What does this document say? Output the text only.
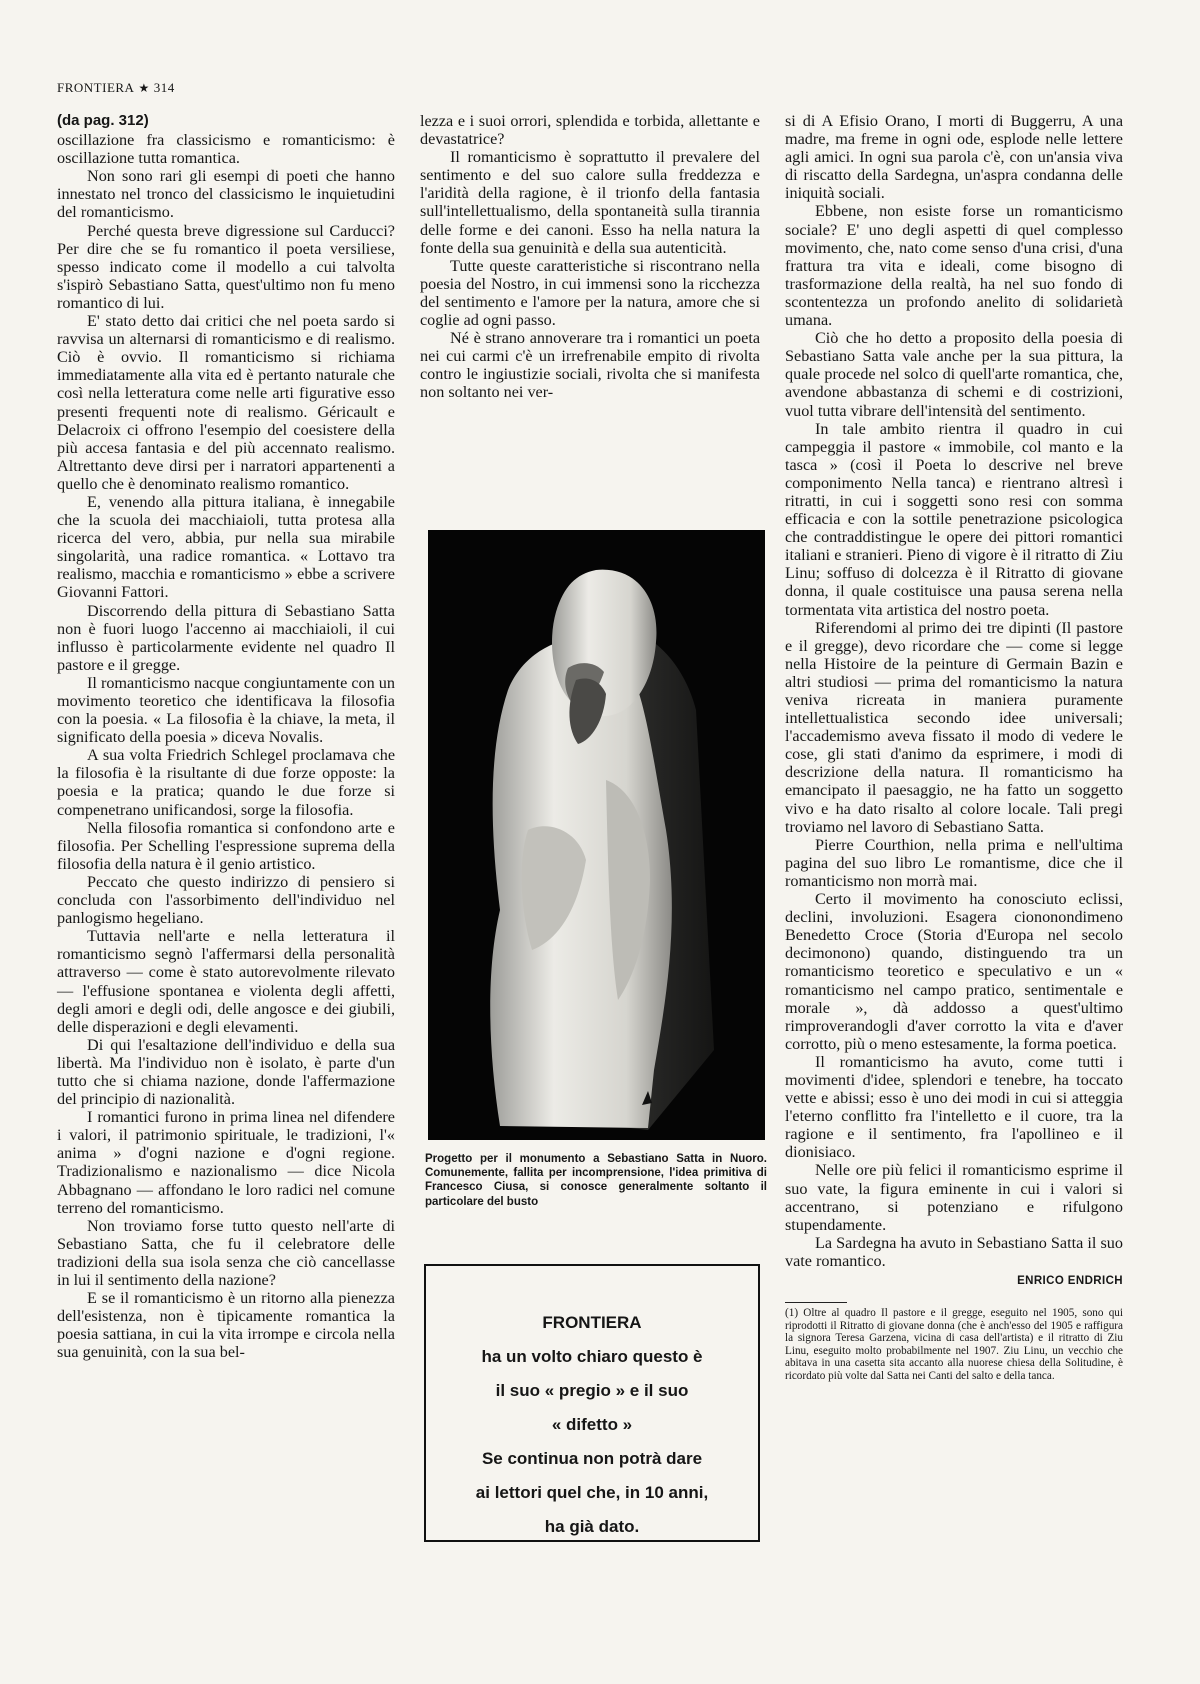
FRONTIERA ★ 314
(da pag. 312)

oscillazione fra classicismo e romanticismo: è oscillazione tutta romantica.

Non sono rari gli esempi di poeti che hanno innestato nel tronco del classicismo le inquietudini del romanticismo.

Perché questa breve digressione sul Carducci? Per dire che se fu romantico il poeta versiliese, spesso indicato come il modello a cui talvolta s'ispirò Sebastiano Satta, quest'ultimo non fu meno romantico di lui.

E' stato detto dai critici che nel poeta sardo si ravvisa un alternarsi di romanticismo e di realismo. Ciò è ovvio. Il romanticismo si richiama immediatamente alla vita ed è pertanto naturale che così nella letteratura come nelle arti figurative esso presenti frequenti note di realismo. Géricault e Delacroix ci offrono l'esempio del coesistere della più accesa fantasia e del più accennato realismo. Altrettanto deve dirsi per i narratori appartenenti a quello che è denominato realismo romantico.

E, venendo alla pittura italiana, è innegabile che la scuola dei macchiaioli, tutta protesa alla ricerca del vero, abbia, pur nella sua mirabile singolarità, una radice romantica. « Lottavo tra realismo, macchia e romanticismo » ebbe a scrivere Giovanni Fattori.

Discorrendo della pittura di Sebastiano Satta non è fuori luogo l'accenno ai macchiaioli, il cui influsso è particolarmente evidente nel quadro Il pastore e il gregge.

Il romanticismo nacque congiuntamente con un movimento teoretico che identificava la filosofia con la poesia. « La filosofia è la chiave, la meta, il significato della poesia » diceva Novalis.

A sua volta Friedrich Schlegel proclamava che la filosofia è la risultante di due forze opposte: la poesia e la pratica; quando le due forze si compenetrano unificandosi, sorge la filosofia.

Nella filosofia romantica si confondono arte e filosofia. Per Schelling l'espressione suprema della filosofia della natura è il genio artistico.

Peccato che questo indirizzo di pensiero si concluda con l'assorbimento dell'individuo nel panlogismo hegeliano.

Tuttavia nell'arte e nella letteratura il romanticismo segnò l'affermarsi della personalità attraverso — come è stato autorevolmente rilevato — l'effusione spontanea e violenta degli affetti, degli amori e degli odi, delle angosce e dei giubili, delle disperazioni e degli elevamenti.

Di qui l'esaltazione dell'individuo e della sua libertà. Ma l'individuo non è isolato, è parte d'un tutto che si chiama nazione, donde l'affermazione del principio di nazionalità.

I romantici furono in prima linea nel difendere i valori, il patrimonio spirituale, le tradizioni, l'« anima » d'ogni nazione e d'ogni regione. Tradizionalismo e nazionalismo — dice Nicola Abbagnano — affondano le loro radici nel comune terreno del romanticismo.

Non troviamo forse tutto questo nell'arte di Sebastiano Satta, che fu il celebratore delle tradizioni della sua isola senza che ciò cancellasse in lui il sentimento della nazione?

E se il romanticismo è un ritorno alla pienezza dell'esistenza, non è tipicamente romantica la poesia sattiana, in cui la vita irrompe e circola nella sua genuinità, con la sua bel-

lezza e i suoi orrori, splendida e torbida, allettante e devastatrice?

Il romanticismo è soprattutto il prevalere del sentimento e del suo calore sulla freddezza e l'aridità della ragione, è il trionfo della fantasia sull'intellettualismo, della spontaneità sulla tirannia delle forme e dei canoni. Esso ha nella natura la fonte della sua genuinità e della sua autenticità.

Tutte queste caratteristiche si riscontrano nella poesia del Nostro, in cui immensi sono la ricchezza del sentimento e l'amore per la natura, amore che si coglie ad ogni passo.

Né è strano annoverare tra i romantici un poeta nei cui carmi c'è un irrefrenabile empito di rivolta contro le ingiustizie sociali, rivolta che si manifesta non soltanto nei ver-

Progetto per il monumento a Sebastiano Satta in Nuoro. Comunemente, fallita per incomprensione, l'idea primitiva di Francesco Ciusa, si conosce generalmente soltanto il particolare del busto
FRONTIERA
ha un volto chiaro questo è
il suo « pregio » e il suo
« difetto »
Se continua non potrà dare
ai lettori quel che, in 10 anni,
ha già dato.

si di A Efisio Orano, I morti di Buggerru, A una madre, ma freme in ogni ode, esplode nelle lettere agli amici. In ogni sua parola c'è, con un'ansia viva di riscatto della Sardegna, un'aspra condanna delle iniquità sociali.

Ebbene, non esiste forse un romanticismo sociale? E' uno degli aspetti di quel complesso movimento, che, nato come senso d'una crisi, d'una frattura tra vita e ideali, come bisogno di trasformazione della realtà, ha nel suo fondo di scontentezza un profondo anelito di solidarietà umana.

Ciò che ho detto a proposito della poesia di Sebastiano Satta vale anche per la sua pittura, la quale procede nel solco di quell'arte romantica, che, avendone abbastanza di schemi e di costrizioni, vuol tutta vibrare dell'intensità del sentimento.

In tale ambito rientra il quadro in cui campeggia il pastore « immobile, col manto e la tasca » (così il Poeta lo descrive nel breve componimento Nella tanca) e rientrano altresì i ritratti, in cui i soggetti sono resi con somma efficacia e con la sottile penetrazione psicologica che contraddistingue le opere dei pittori romantici italiani e stranieri. Pieno di vigore è il ritratto di Ziu Linu; soffuso di dolcezza è il Ritratto di giovane donna, il quale costituisce una pausa serena nella tormentata vita artistica del nostro poeta.

Riferendomi al primo dei tre dipinti (Il pastore e il gregge), devo ricordare che — come si legge nella Histoire de la peinture di Germain Bazin e altri studiosi — prima del romanticismo la natura veniva ricreata in maniera puramente intellettualistica secondo idee universali; l'accademismo aveva fissato il modo di vedere le cose, gli stati d'animo da esprimere, i modi di descrizione della natura. Il romanticismo ha emancipato il paesaggio, ne ha fatto un soggetto vivo e ha dato risalto al colore locale. Tali pregi troviamo nel lavoro di Sebastiano Satta.

Pierre Courthion, nella prima e nell'ultima pagina del suo libro Le romantisme, dice che il romanticismo non morrà mai.

Certo il movimento ha conosciuto eclissi, declini, involuzioni. Esagera ciononondimeno Benedetto Croce (Storia d'Europa nel secolo decimonono) quando, distinguendo tra un romanticismo teoretico e speculativo e un « romanticismo nel campo pratico, sentimentale e morale », dà addosso a quest'ultimo rimproverandogli d'aver corrotto la vita e d'aver corrotto, più o meno estesamente, la forma poetica.

Il romanticismo ha avuto, come tutti i movimenti d'idee, splendori e tenebre, ha toccato vette e abissi; esso è uno dei modi in cui si atteggia l'eterno conflitto fra l'intelletto e il cuore, tra la ragione e il sentimento, fra l'apollineo e il dionisiaco.

Nelle ore più felici il romanticismo esprime il suo vate, la figura eminente in cui i valori si accentrano, si potenziano e rifulgono stupendamente.

La Sardegna ha avuto in Sebastiano Satta il suo vate romantico.

ENRICO ENDRICH
(1) Oltre al quadro Il pastore e il gregge, eseguito nel 1905, sono qui riprodotti il Ritratto di giovane donna (che è anch'esso del 1905 e raffigura la signora Teresa Garzena, vicina di casa dell'artista) e il ritratto di Ziu Linu, eseguito molto probabilmente nel 1907. Ziu Linu, un vecchio che abitava in una casetta sita accanto alla nuorese chiesa della Solitudine, è ricordato più volte dal Satta nei Canti del salto e della tanca.
